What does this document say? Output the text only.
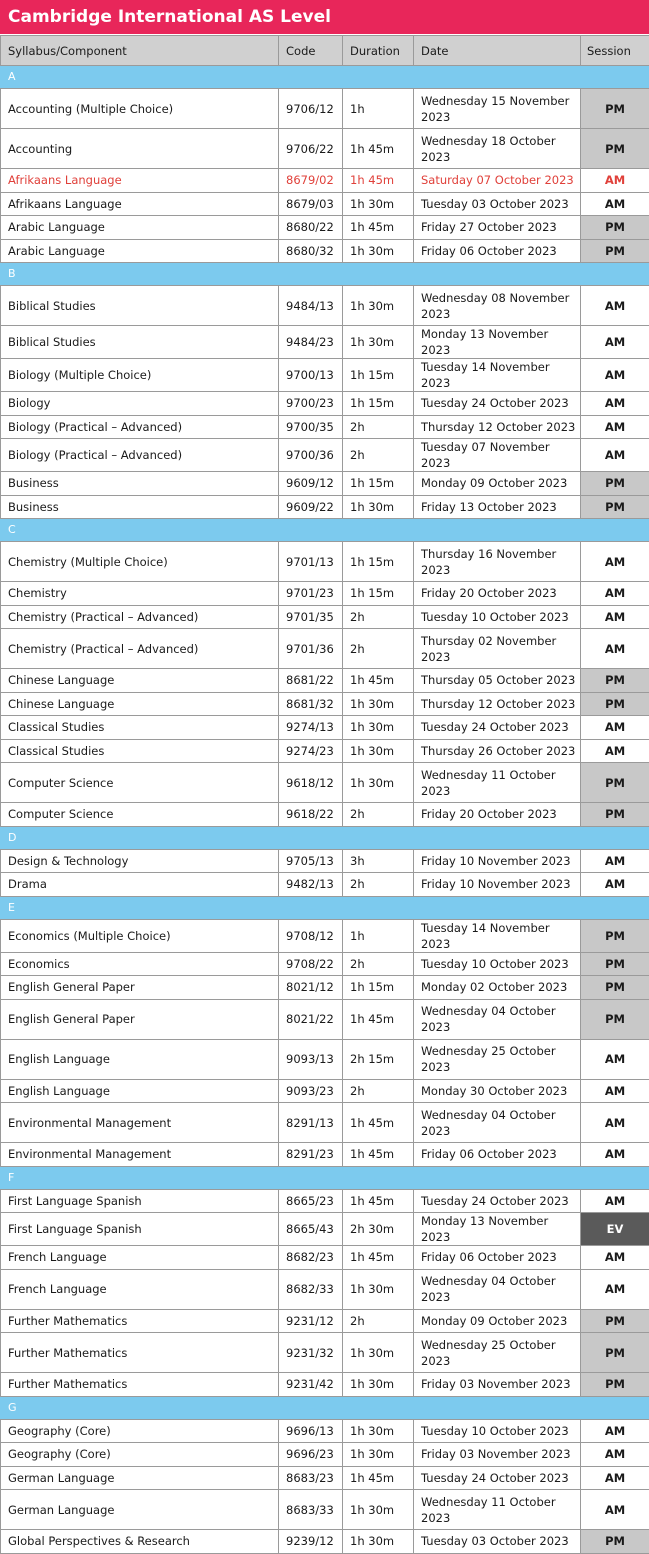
Cambridge International AS Level
Syllabus/Component	Code	Duration	Date	Session
A				
Accounting (Multiple Choice)	9706/12	1h	Wednesday 15 November 2023	PM
Accounting	9706/22	1h 45m	Wednesday 18 October 2023	PM
Afrikaans Language	8679/02	1h 45m	Saturday 07 October 2023	AM
Afrikaans Language	8679/03	1h 30m	Tuesday 03 October 2023	AM
Arabic Language	8680/22	1h 45m	Friday 27 October 2023	PM
Arabic Language	8680/32	1h 30m	Friday 06 October 2023	PM
B				
Biblical Studies	9484/13	1h 30m	Wednesday 08 November 2023	AM
Biblical Studies	9484/23	1h 30m	Monday 13 November 2023	AM
Biology (Multiple Choice)	9700/13	1h 15m	Tuesday 14 November 2023	AM
Biology	9700/23	1h 15m	Tuesday 24 October 2023	AM
Biology (Practical – Advanced)	9700/35	2h	Thursday 12 October 2023	AM
Biology (Practical – Advanced)	9700/36	2h	Tuesday 07 November 2023	AM
Business	9609/12	1h 15m	Monday 09 October 2023	PM
Business	9609/22	1h 30m	Friday 13 October 2023	PM
C				
Chemistry (Multiple Choice)	9701/13	1h 15m	Thursday 16 November 2023	AM
Chemistry	9701/23	1h 15m	Friday 20 October 2023	AM
Chemistry (Practical – Advanced)	9701/35	2h	Tuesday 10 October 2023	AM
Chemistry (Practical – Advanced)	9701/36	2h	Thursday 02 November 2023	AM
Chinese Language	8681/22	1h 45m	Thursday 05 October 2023	PM
Chinese Language	8681/32	1h 30m	Thursday 12 October 2023	PM
Classical Studies	9274/13	1h 30m	Tuesday 24 October 2023	AM
Classical Studies	9274/23	1h 30m	Thursday 26 October 2023	AM
Computer Science	9618/12	1h 30m	Wednesday 11 October 2023	PM
Computer Science	9618/22	2h	Friday 20 October 2023	PM
D				
Design & Technology	9705/13	3h	Friday 10 November 2023	AM
Drama	9482/13	2h	Friday 10 November 2023	AM
E				
Economics (Multiple Choice)	9708/12	1h	Tuesday 14 November 2023	PM
Economics	9708/22	2h	Tuesday 10 October 2023	PM
English General Paper	8021/12	1h 15m	Monday 02 October 2023	PM
English General Paper	8021/22	1h 45m	Wednesday 04 October 2023	PM
English Language	9093/13	2h 15m	Wednesday 25 October 2023	AM
English Language	9093/23	2h	Monday 30 October 2023	AM
Environmental Management	8291/13	1h 45m	Wednesday 04 October 2023	AM
Environmental Management	8291/23	1h 45m	Friday 06 October 2023	AM
F				
First Language Spanish	8665/23	1h 45m	Tuesday 24 October 2023	AM
First Language Spanish	8665/43	2h 30m	Monday 13 November 2023	EV
French Language	8682/23	1h 45m	Friday 06 October 2023	AM
French Language	8682/33	1h 30m	Wednesday 04 October 2023	AM
Further Mathematics	9231/12	2h	Monday 09 October 2023	PM
Further Mathematics	9231/32	1h 30m	Wednesday 25 October 2023	PM
Further Mathematics	9231/42	1h 30m	Friday 03 November 2023	PM
G				
Geography (Core)	9696/13	1h 30m	Tuesday 10 October 2023	AM
Geography (Core)	9696/23	1h 30m	Friday 03 November 2023	AM
German Language	8683/23	1h 45m	Tuesday 24 October 2023	AM
German Language	8683/33	1h 30m	Wednesday 11 October 2023	AM
Global Perspectives & Research	9239/12	1h 30m	Tuesday 03 October 2023	PM
